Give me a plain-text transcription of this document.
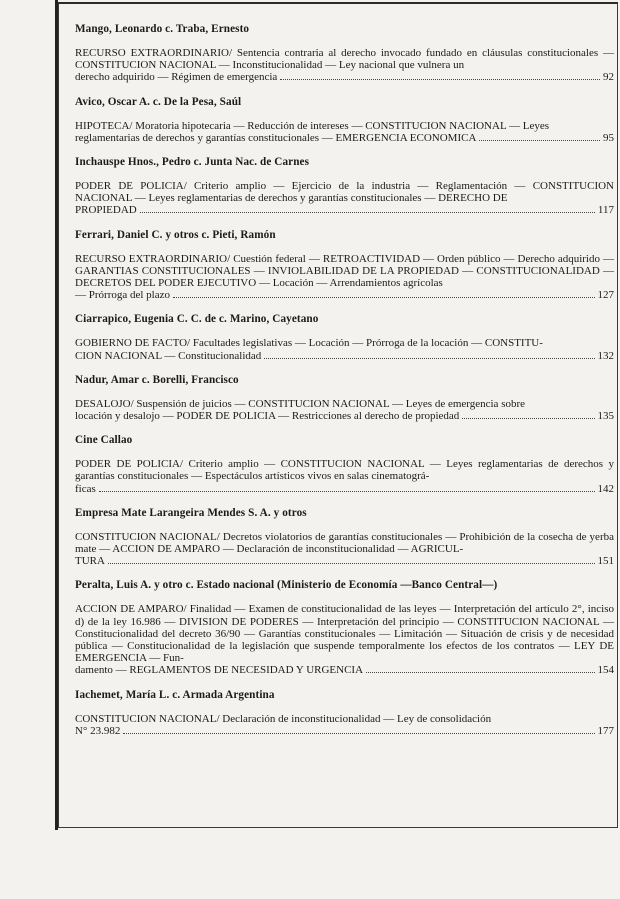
Mango, Leonardo c. Traba, Ernesto

RECURSO EXTRAORDINARIO/ Sentencia contraria al derecho invocado fundado en cláusulas constitucionales — CONSTITUCION NACIONAL — Inconstitucionalidad — Ley nacional que vulnera un

derecho adquirido — Régimen de emergencia	92
Avico, Oscar A. c. De la Pesa, Saúl

HIPOTECA/ Moratoria hipotecaria — Reducción de intereses — CONSTITUCION NACIONAL — Leyes

reglamentarias de derechos y garantías constitucionales — EMERGENCIA ECONOMICA	95
Inchauspe Hnos., Pedro c. Junta Nac. de Carnes

PODER DE POLICIA/ Criterio amplio — Ejercicio de la industria — Reglamentación — CONSTITUCION NACIONAL — Leyes reglamentarias de derechos y garantías constitucionales — DERECHO DE

PROPIEDAD	117
Ferrari, Daniel C. y otros c. Pieti, Ramón

RECURSO EXTRAORDINARIO/ Cuestión federal — RETROACTIVIDAD — Orden público — Derecho adquirido — GARANTIAS CONSTITUCIONALES — INVIOLABILIDAD DE LA PROPIEDAD — CONSTITUCIONALIDAD — DECRETOS DEL PODER EJECUTIVO — Locación — Arrendamientos agrícolas

— Prórroga del plazo	127
Ciarrapico, Eugenia C. C. de c. Marino, Cayetano

GOBIERNO DE FACTO/ Facultades legislativas — Locación — Prórroga de la locación — CONSTITU-

CION NACIONAL — Constitucionalidad	132
Nadur, Amar c. Borelli, Francisco

DESALOJO/ Suspensión de juicios — CONSTITUCION NACIONAL — Leyes de emergencia sobre

locación y desalojo — PODER DE POLICIA — Restricciones al derecho de propiedad	135
Cine Callao

PODER DE POLICIA/ Criterio amplio — CONSTITUCION NACIONAL — Leyes reglamentarias de derechos y garantías constitucionales — Espectáculos artísticos vivos en salas cinematográ-

ficas	142
Empresa Mate Larangeira Mendes S. A. y otros

CONSTITUCION NACIONAL/ Decretos violatorios de garantías constitucionales — Prohibición de la cosecha de yerba mate — ACCION DE AMPARO — Declaración de inconstitucionalidad — AGRICUL-

TURA	151
Peralta, Luis A. y otro c. Estado nacional (Ministerio de Economía —Banco Central—)

ACCION DE AMPARO/ Finalidad — Examen de constitucionalidad de las leyes — Interpretación del artículo 2°, inciso d) de la ley 16.986 — DIVISION DE PODERES — Interpretación del principio — CONSTITUCION NACIONAL — Constitucionalidad del decreto 36/90 — Garantías constitucionales — Limitación — Situación de crisis y de necesidad pública — Constitucionalidad de la legislación que suspende temporalmente los efectos de los contratos — LEY DE EMERGENCIA — Fun-

damento — REGLAMENTOS DE NECESIDAD Y URGENCIA	154
Iachemet, María L. c. Armada Argentina

CONSTITUCION NACIONAL/ Declaración de inconstitucionalidad — Ley de consolidación

N° 23.982	177
